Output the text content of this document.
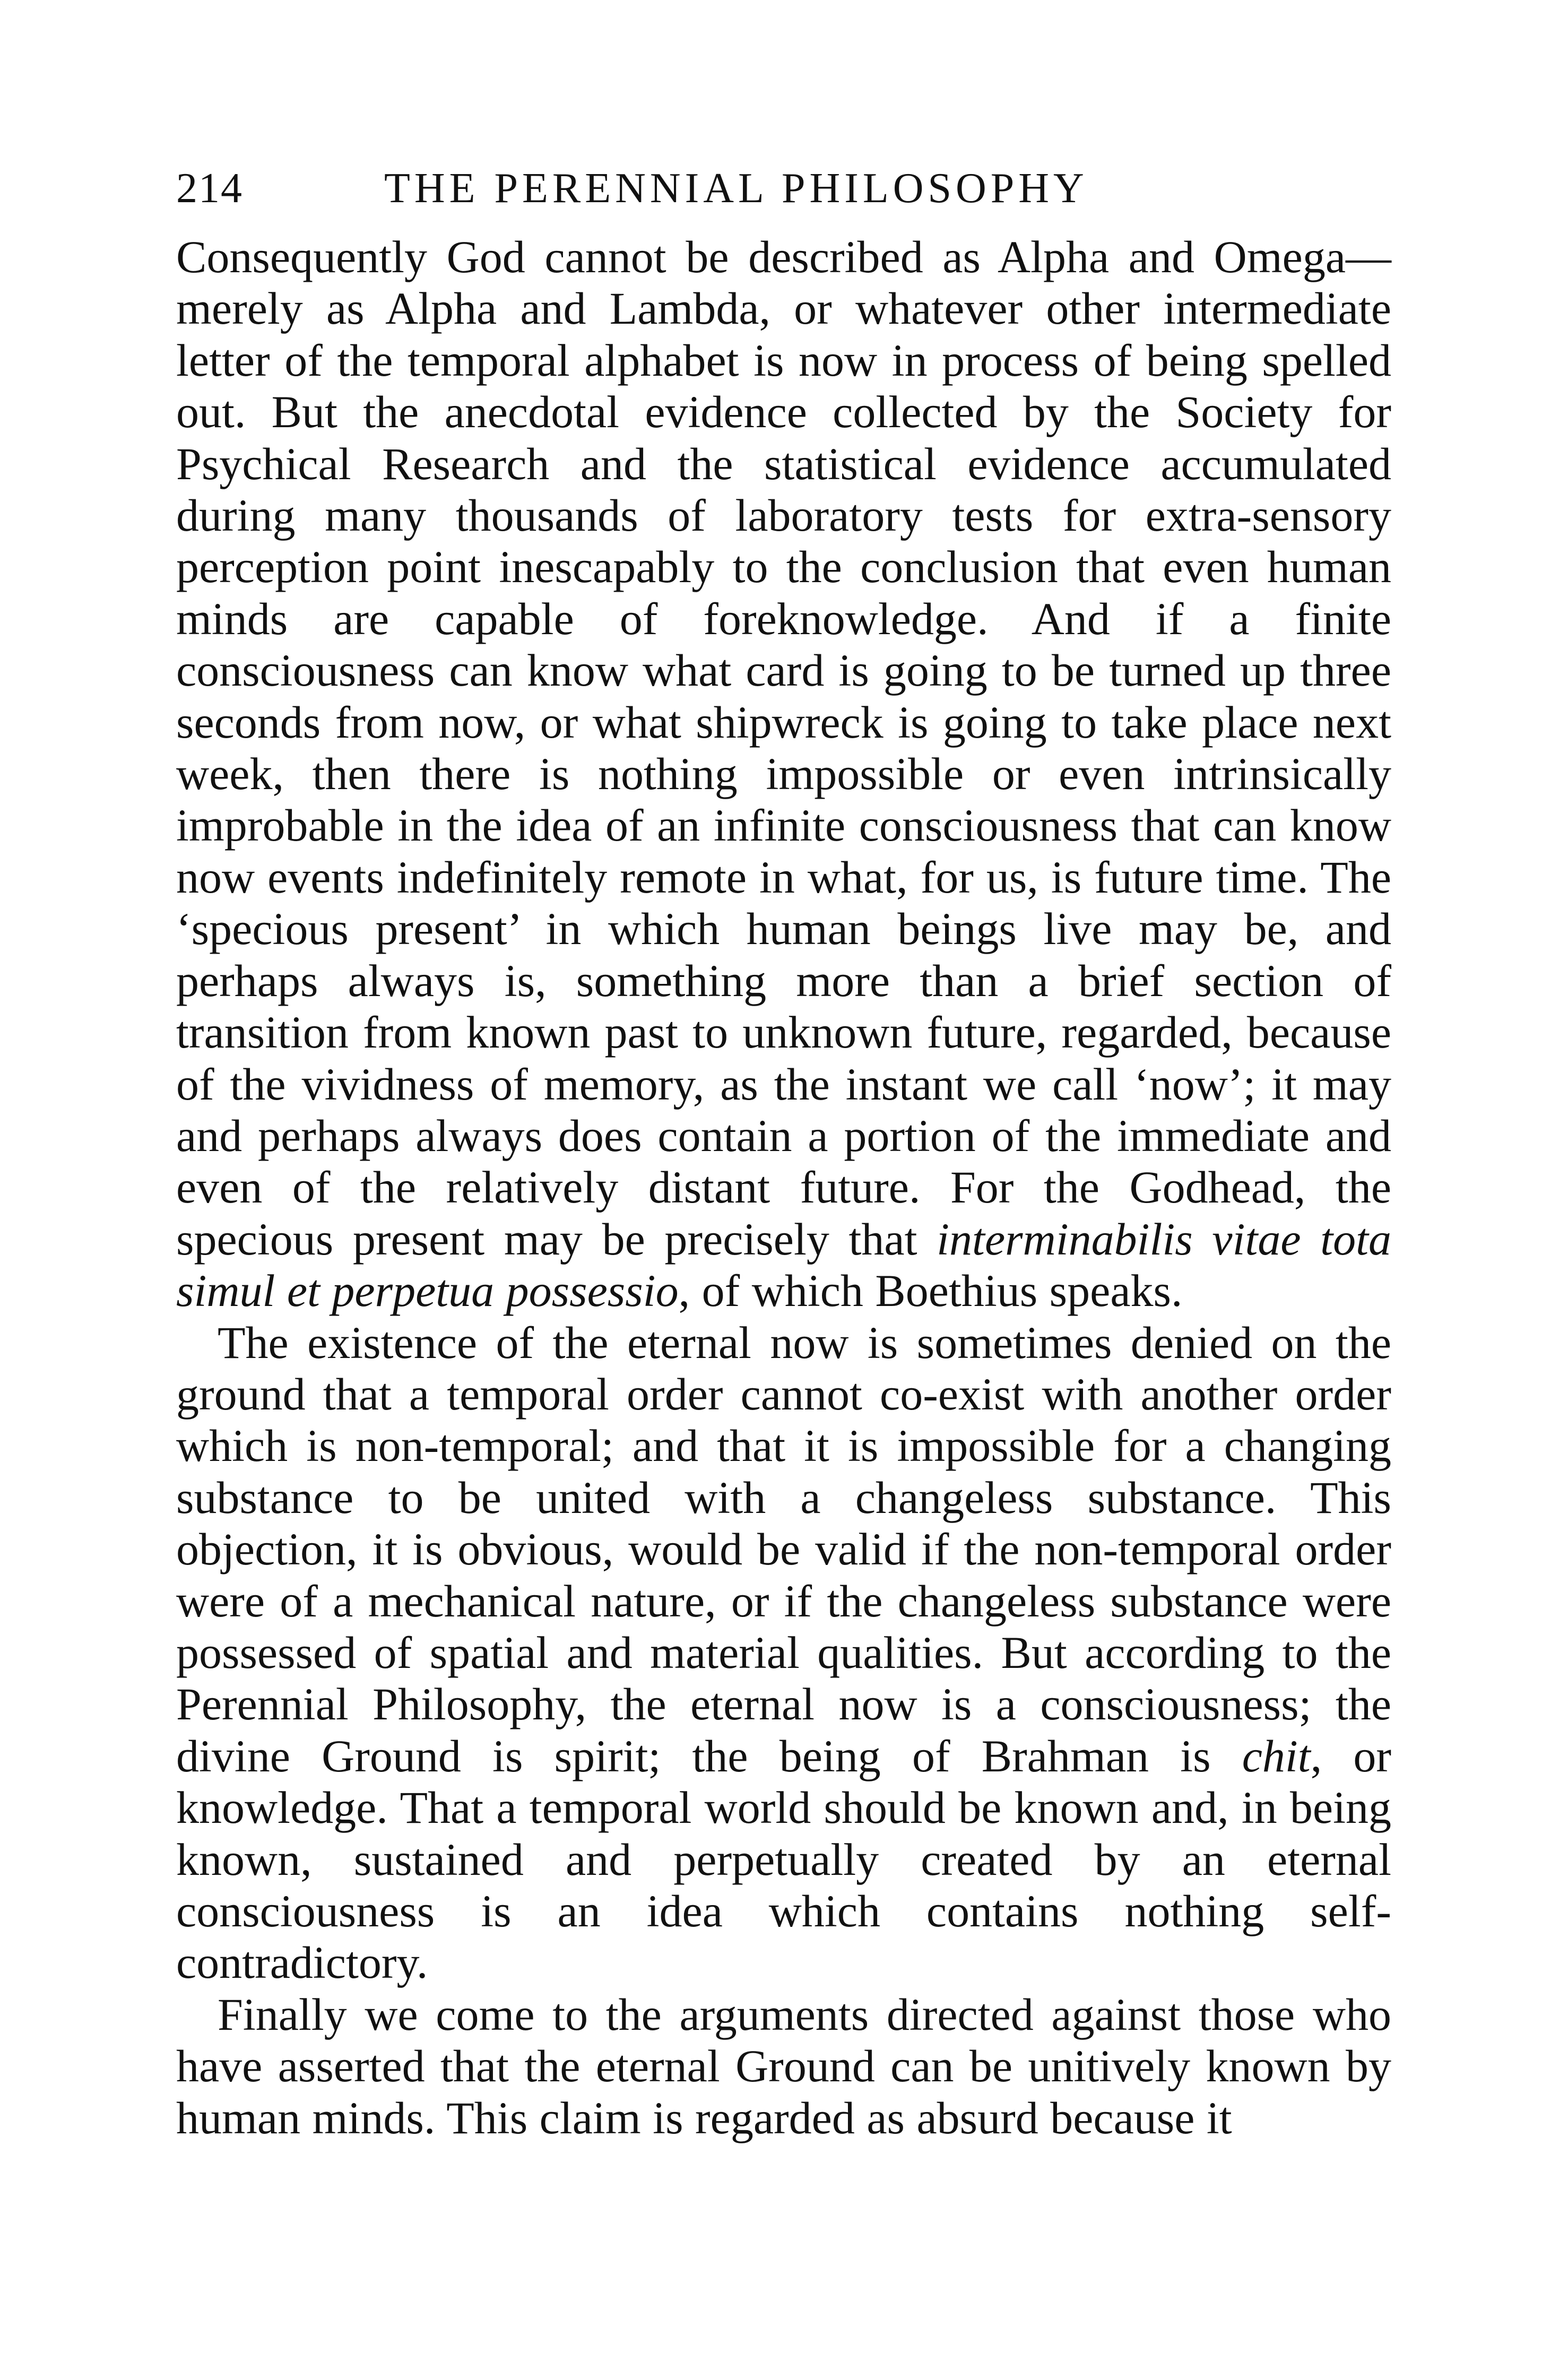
214	THE PERENNIAL PHILOSOPHY

Consequently God cannot be described as Alpha and Omega—merely as Alpha and Lambda, or whatever other intermediate letter of the temporal alphabet is now in process of being spelled out. But the anecdotal evidence collected by the Society for Psychical Research and the statistical evidence accumulated during many thousands of laboratory tests for extra-sensory perception point inescapably to the conclusion that even human minds are capable of foreknowledge. And if a finite consciousness can know what card is going to be turned up three seconds from now, or what shipwreck is going to take place next week, then there is nothing impossible or even intrinsically improbable in the idea of an infinite consciousness that can know now events indefinitely remote in what, for us, is future time. The ‘specious present’ in which human beings live may be, and perhaps always is, something more than a brief section of transition from known past to unknown future, regarded, because of the vividness of memory, as the instant we call ‘now’; it may and perhaps always does contain a portion of the immediate and even of the relatively distant future. For the Godhead, the specious present may be precisely that interminabilis vitae tota simul et perpetua possessio, of which Boethius speaks.

The existence of the eternal now is sometimes denied on the ground that a temporal order cannot co-exist with another order which is non-temporal; and that it is impossible for a changing substance to be united with a changeless substance. This objection, it is obvious, would be valid if the non-temporal order were of a mechanical nature, or if the changeless substance were possessed of spatial and material qualities. But according to the Perennial Philosophy, the eternal now is a consciousness; the divine Ground is spirit; the being of Brahman is chit, or knowledge. That a temporal world should be known and, in being known, sustained and perpetually created by an eternal consciousness is an idea which contains nothing self-contradictory.

Finally we come to the arguments directed against those who have asserted that the eternal Ground can be unitively known by human minds. This claim is regarded as absurd because it
